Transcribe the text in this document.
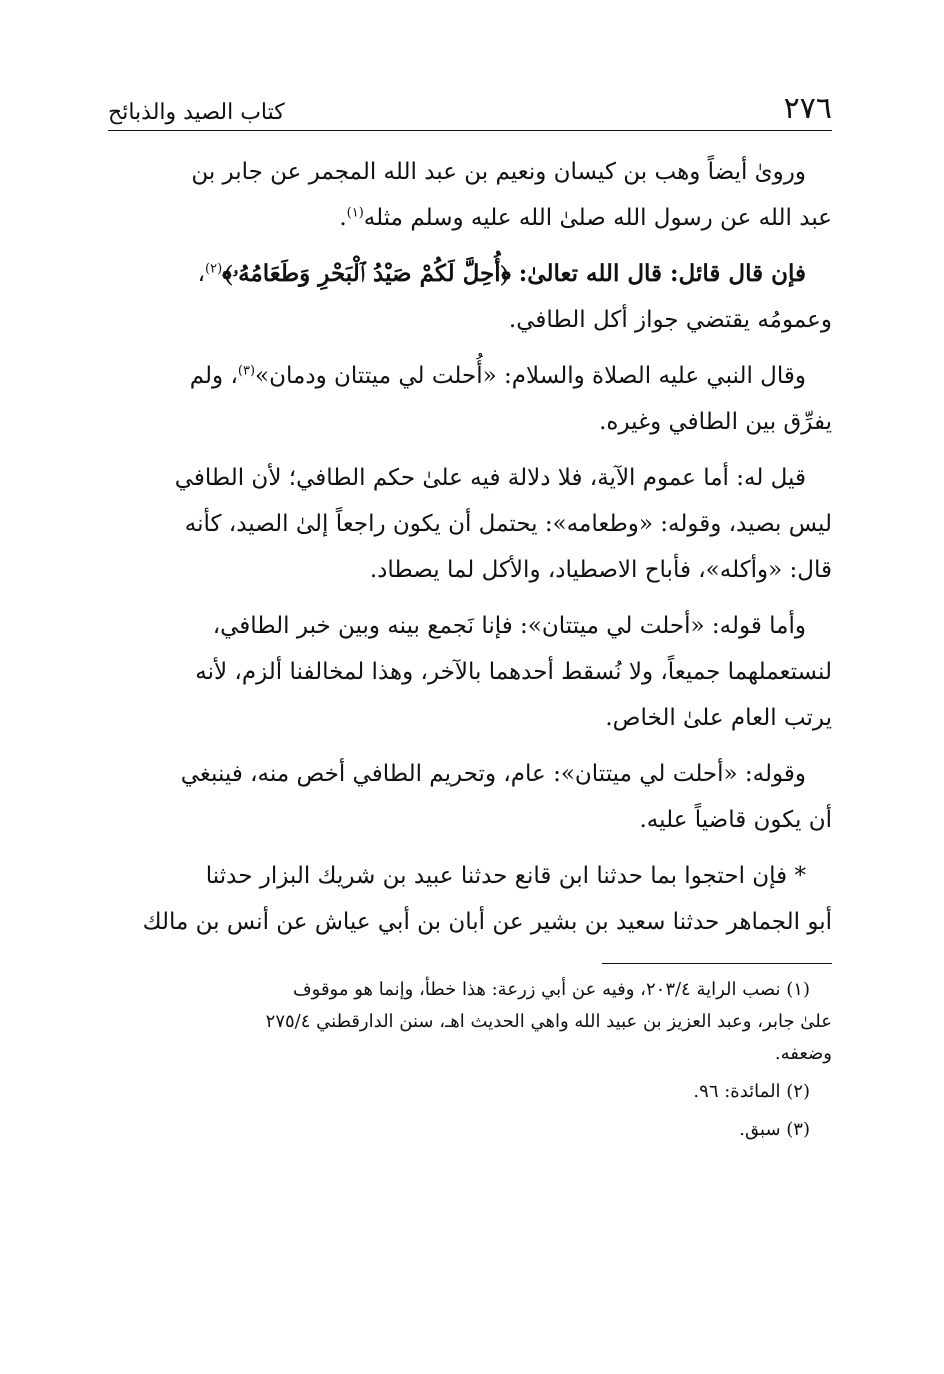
٢٧٦
كتاب الصيد والذبائح

وروىٰ أيضاً وهب بن كيسان ونعيم بن عبد الله المجمر عن جابر بن
عبد الله عن رسول الله صلىٰ الله عليه وسلم مثله$^{(١)}$.

فإن قال قائل: قال الله تعالىٰ: ﴿أُحِلَّ لَكُمْ صَيْدُ ٱلْبَحْرِ وَطَعَامُهُۥ﴾$^{(٢)}$،
وعمومُه يقتضي جواز أكل الطافي.

وقال النبي عليه الصلاة والسلام: «أُحلت لي ميتتان ودمان»$^{(٣)}$، ولم
يفرِّق بين الطافي وغيره.

قيل له: أما عموم الآية، فلا دلالة فيه علىٰ حكم الطافي؛ لأن الطافي
ليس بصيد، وقوله: «وطعامه»: يحتمل أن يكون راجعاً إلىٰ الصيد، كأنه
قال: «وأكله»، فأباح الاصطياد، والأكل لما يصطاد.

وأما قوله: «أحلت لي ميتتان»: فإنا نَجمع بينه وبين خبر الطافي،
لنستعملهما جميعاً، ولا نُسقط أحدهما بالآخر، وهذا لمخالفنا ألزم، لأنه
يرتب العام علىٰ الخاص.

وقوله: «أحلت لي ميتتان»: عام، وتحريم الطافي أخص منه، فينبغي
أن يكون قاضياً عليه.

* فإن احتجوا بما حدثنا ابن قانع حدثنا عبيد بن شريك البزار حدثنا
أبو الجماهر حدثنا سعيد بن بشير عن أبان بن أبي عياش عن أنس بن مالك

(١) نصب الراية ٢٠٣/٤، وفيه عن أبي زرعة: هذا خطأ، وإنما هو موقوف
علىٰ جابر، وعبد العزيز بن عبيد الله واهي الحديث اهـ، سنن الدارقطني ٢٧٥/٤
وضعفه.

(٢) المائدة: ٩٦.

(٣) سبق.
